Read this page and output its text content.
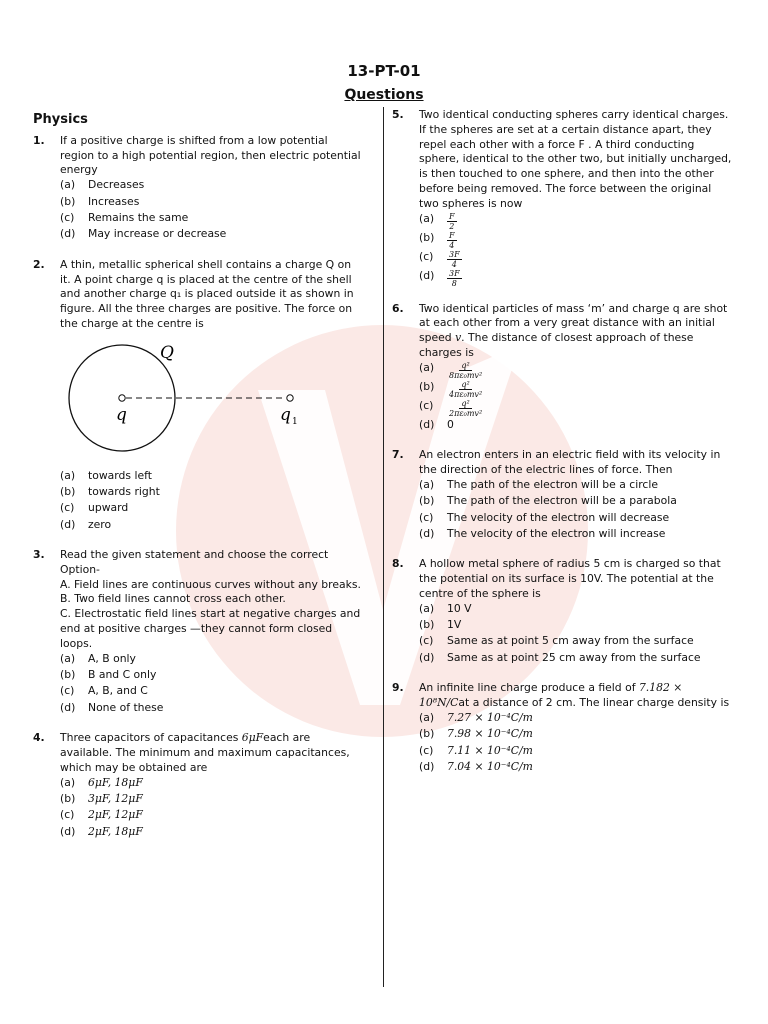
13-PT-01
Questions
Physics
1. If a positive charge is shifted from a low potential region to a high potential region, then electric potential energy
(a) Decreases
(b) Increases
(c) Remains the same
(d) May increase or decrease
2. A thin, metallic spherical shell contains a charge Q on it. A point charge q is placed at the centre of the shell and another charge q₁ is placed outside it as shown in figure. All the three charges are positive. The force on the charge at the centre is
Q
q	q 1
(a) towards left
(b) towards right
(c) upward
(d) zero
3. Read the given statement and choose the correct Option-
A. Field lines are continuous curves without any breaks.
B. Two field lines cannot cross each other.
C. Electrostatic field lines start at negative charges and end at positive charges —they cannot form closed loops.
(a) A, B only
(b) B and C only
(c) A, B, and C
(d) None of these
4. Three capacitors of capacitances 6μFeach are available. The minimum and maximum capacitances, which may be obtained are
(a) 6μF, 18μF
(b) 3μF, 12μF
(c) 2μF, 12μF
(d) 2μF, 18μF
5. Two identical conducting spheres carry identical charges. If the spheres are set at a certain distance apart, they repel each other with a force F . A third conducting sphere, identical to the other two, but initially uncharged, is then touched to one sphere, and then into the other before being removed. The force between the original two spheres is now
$(a) \frac{F}{2}$
$(b) \frac{F}{4}$
$(c) \frac{3F}{4}$
$(d) \frac{3F}{8}$
6. Two identical particles of mass ‘m’ and charge q are shot at each other from a very great distance with an initial speed v. The distance of closest approach of these charges is
$(a) \frac{\text{q²}}{\text{8πε₀mv²}}$
$(b) \frac{\text{q²}}{\text{4πε₀mv²}}$
$(c) \frac{\text{q²}}{\text{2πε₀mv²}}$
(d) 0
7. An electron enters in an electric field with its velocity in the direction of the electric lines of force. Then
(a) The path of the electron will be a circle
(b) The path of the electron will be a parabola
(c) The velocity of the electron will decrease
(d) The velocity of the electron will increase
8. A hollow metal sphere of radius 5 cm is charged so that the potential on its surface is 10V. The potential at the centre of the sphere is
(a) 10 V
(b) 1V
(c) Same as at point 5 cm away from the surface
(d) Same as at point 25 cm away from the surface
9. An infinite line charge produce a field of 7.182 × 10⁸N/Cat a distance of 2 cm. The linear charge density is
(a) 7.27 × 10⁻⁴C/m
(b) 7.98 × 10⁻⁴C/m
(c) 7.11 × 10⁻⁴C/m
(d) 7.04 × 10⁻⁴C/m
